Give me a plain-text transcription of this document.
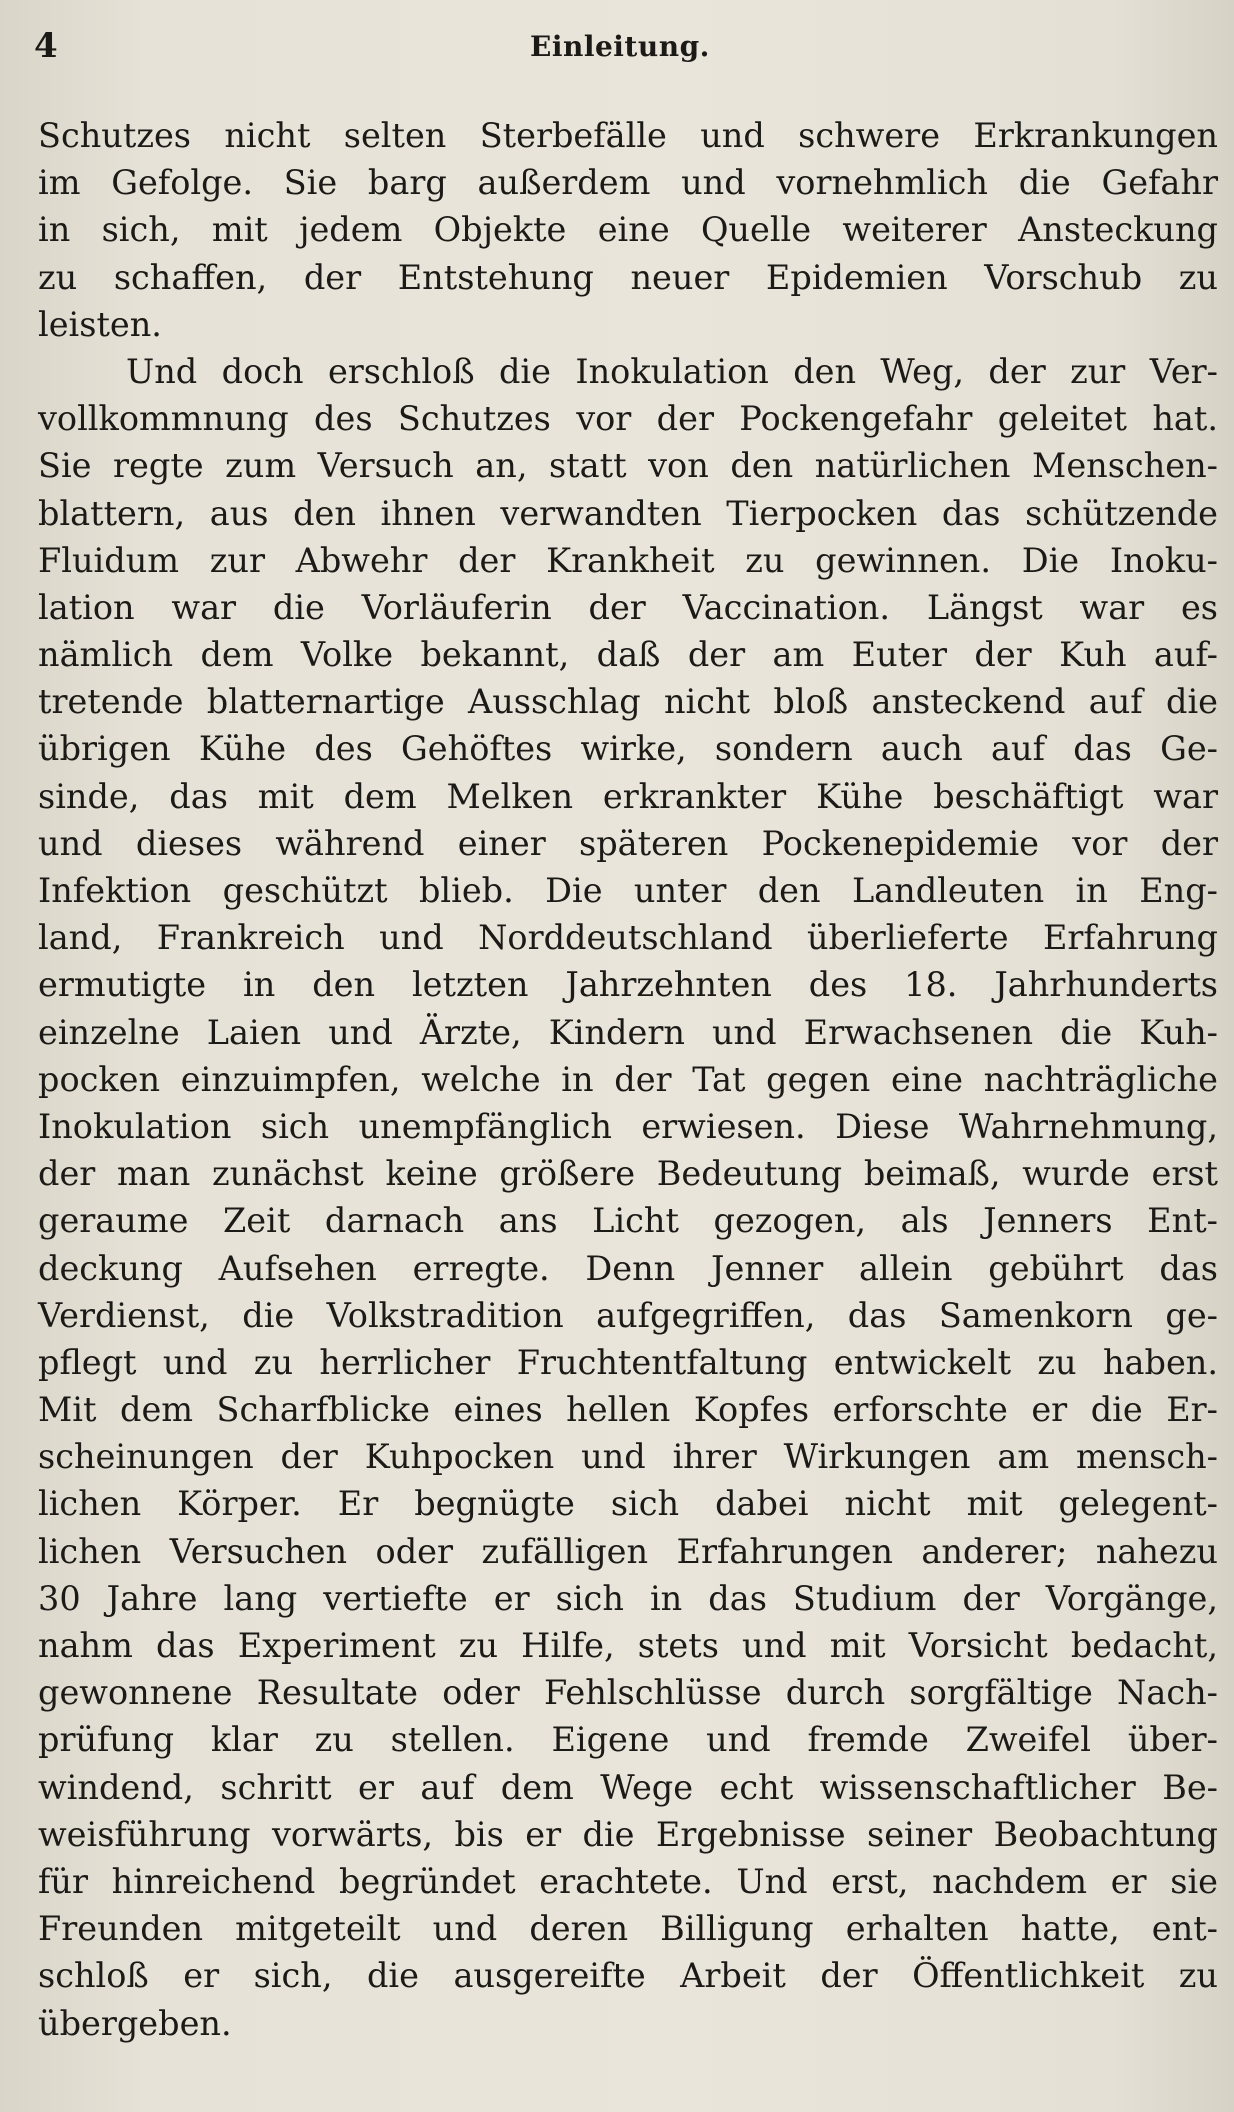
4	Einleitung.
Schutzes nicht selten Sterbefälle und schwere Erkrankungen
im Gefolge. Sie barg außerdem und vornehmlich die Gefahr
in sich, mit jedem Objekte eine Quelle weiterer Ansteckung
zu schaffen, der Entstehung neuer Epidemien Vorschub zu
leisten.
Und doch erschloß die Inokulation den Weg, der zur Ver-
vollkommnung des Schutzes vor der Pockengefahr geleitet hat.
Sie regte zum Versuch an, statt von den natürlichen Menschen-
blattern, aus den ihnen verwandten Tierpocken das schützende
Fluidum zur Abwehr der Krankheit zu gewinnen. Die Inoku-
lation war die Vorläuferin der Vaccination. Längst war es
nämlich dem Volke bekannt, daß der am Euter der Kuh auf-
tretende blatternartige Ausschlag nicht bloß ansteckend auf die
übrigen Kühe des Gehöftes wirke, sondern auch auf das Ge-
sinde, das mit dem Melken erkrankter Kühe beschäftigt war
und dieses während einer späteren Pockenepidemie vor der
Infektion geschützt blieb. Die unter den Landleuten in Eng-
land, Frankreich und Norddeutschland überlieferte Erfahrung
ermutigte in den letzten Jahrzehnten des 18. Jahrhunderts
einzelne Laien und Ärzte, Kindern und Erwachsenen die Kuh-
pocken einzuimpfen, welche in der Tat gegen eine nachträgliche
Inokulation sich unempfänglich erwiesen. Diese Wahrnehmung,
der man zunächst keine größere Bedeutung beimaß, wurde erst
geraume Zeit darnach ans Licht gezogen, als Jenners Ent-
deckung Aufsehen erregte. Denn Jenner allein gebührt das
Verdienst, die Volkstradition aufgegriffen, das Samenkorn ge-
pflegt und zu herrlicher Fruchtentfaltung entwickelt zu haben.
Mit dem Scharfblicke eines hellen Kopfes erforschte er die Er-
scheinungen der Kuhpocken und ihrer Wirkungen am mensch-
lichen Körper. Er begnügte sich dabei nicht mit gelegent-
lichen Versuchen oder zufälligen Erfahrungen anderer; nahezu
30 Jahre lang vertiefte er sich in das Studium der Vorgänge,
nahm das Experiment zu Hilfe, stets und mit Vorsicht bedacht,
gewonnene Resultate oder Fehlschlüsse durch sorgfältige Nach-
prüfung klar zu stellen. Eigene und fremde Zweifel über-
windend, schritt er auf dem Wege echt wissenschaftlicher Be-
weisführung vorwärts, bis er die Ergebnisse seiner Beobachtung
für hinreichend begründet erachtete. Und erst, nachdem er sie
Freunden mitgeteilt und deren Billigung erhalten hatte, ent-
schloß er sich, die ausgereifte Arbeit der Öffentlichkeit zu
übergeben.
